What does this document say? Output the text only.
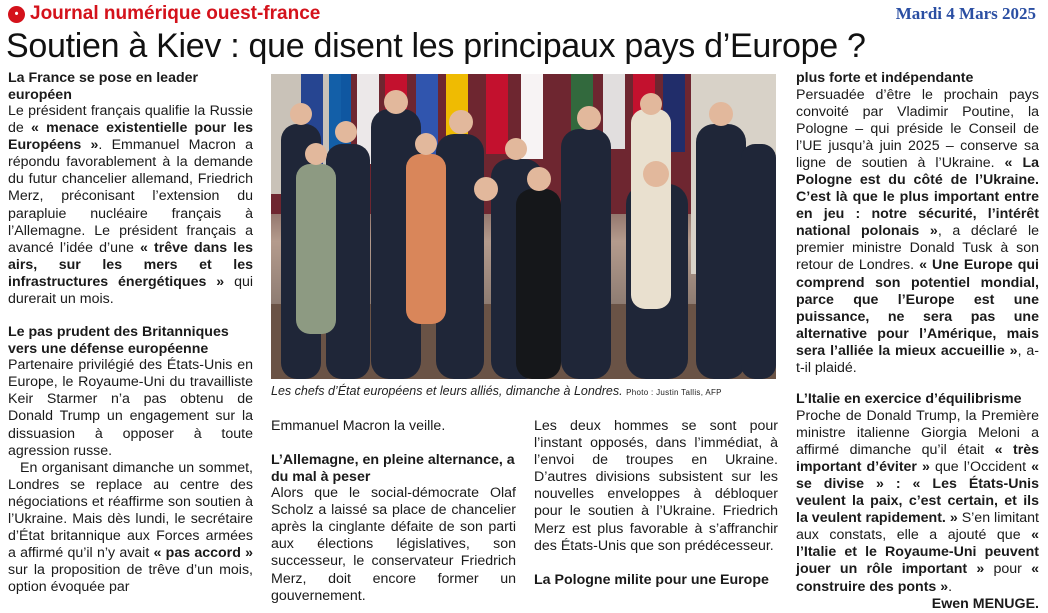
• Journal numérique ouest-france	Mardi 4 Mars 2025
Soutien à Kiev : que disent les principaux pays d’Europe ?

La France se pose en leader européen

Le président français qualifie la Russie de « menace existentielle pour les Européens ». Emmanuel Macron a répondu favorablement à la demande du futur chancelier allemand, Friedrich Merz, préconisant l’extension du parapluie nucléaire français à l’Allemagne. Le président français a avancé l’idée d’une « trêve dans les airs, sur les mers et les infrastructures énergétiques » qui durerait un mois.

Le pas prudent des Britanniques vers une défense européenne

Partenaire privilégié des États-Unis en Europe, le Royaume-Uni du travailliste Keir Starmer n’a pas obtenu de Donald Trump un engagement sur la dissuasion à opposer à toute agression russe.

En organisant dimanche un sommet, Londres se replace au centre des négociations et réaffirme son soutien à l’Ukraine. Mais dès lundi, le secrétaire d’État britannique aux Forces armées a affirmé qu’il n’y avait « pas accord » sur la proposition de trêve d’un mois, option évoquée par

Les chefs d’État européens et leurs alliés, dimanche à Londres. Photo : Justin Tallis, AFP

Emmanuel Macron la veille.

L’Allemagne, en pleine alternance, a du mal à peser

Alors que le social-démocrate Olaf Scholz a laissé sa place de chancelier après la cinglante défaite de son parti aux élections législatives, son successeur, le conservateur Friedrich Merz, doit encore former un gouvernement.

Les deux hommes se sont pour l’instant opposés, dans l’immédiat, à l’envoi de troupes en Ukraine. D’autres divisions subsistent sur les nouvelles enveloppes à débloquer pour le soutien à l’Ukraine. Friedrich Merz est plus favorable à s’affranchir des États-Unis que son prédécesseur.

La Pologne milite pour une Europe

plus forte et indépendante

Persuadée d’être le prochain pays convoité par Vladimir Poutine, la Pologne – qui préside le Conseil de l’UE jusqu’à juin 2025 – conserve sa ligne de soutien à l’Ukraine. « La Pologne est du côté de l’Ukraine. C’est là que le plus important entre en jeu : notre sécurité, l’intérêt national polonais », a déclaré le premier ministre Donald Tusk à son retour de Londres. « Une Europe qui comprend son potentiel mondial, parce que l’Europe est une puissance, ne sera pas une alternative pour l’Amérique, mais sera l’alliée la mieux accueillie », a-t-il plaidé.

L’Italie en exercice d’équilibrisme

Proche de Donald Trump, la Première ministre italienne Giorgia Meloni a affirmé dimanche qu’il était « très important d’éviter » que l’Occident « se divise » : « Les États-Unis veulent la paix, c’est certain, et ils la veulent rapidement. » S’en limitant aux constats, elle a ajouté que « l’Italie et le Royaume-Uni peuvent jouer un rôle important » pour « construire des ponts ».

Ewen MENUGE.
